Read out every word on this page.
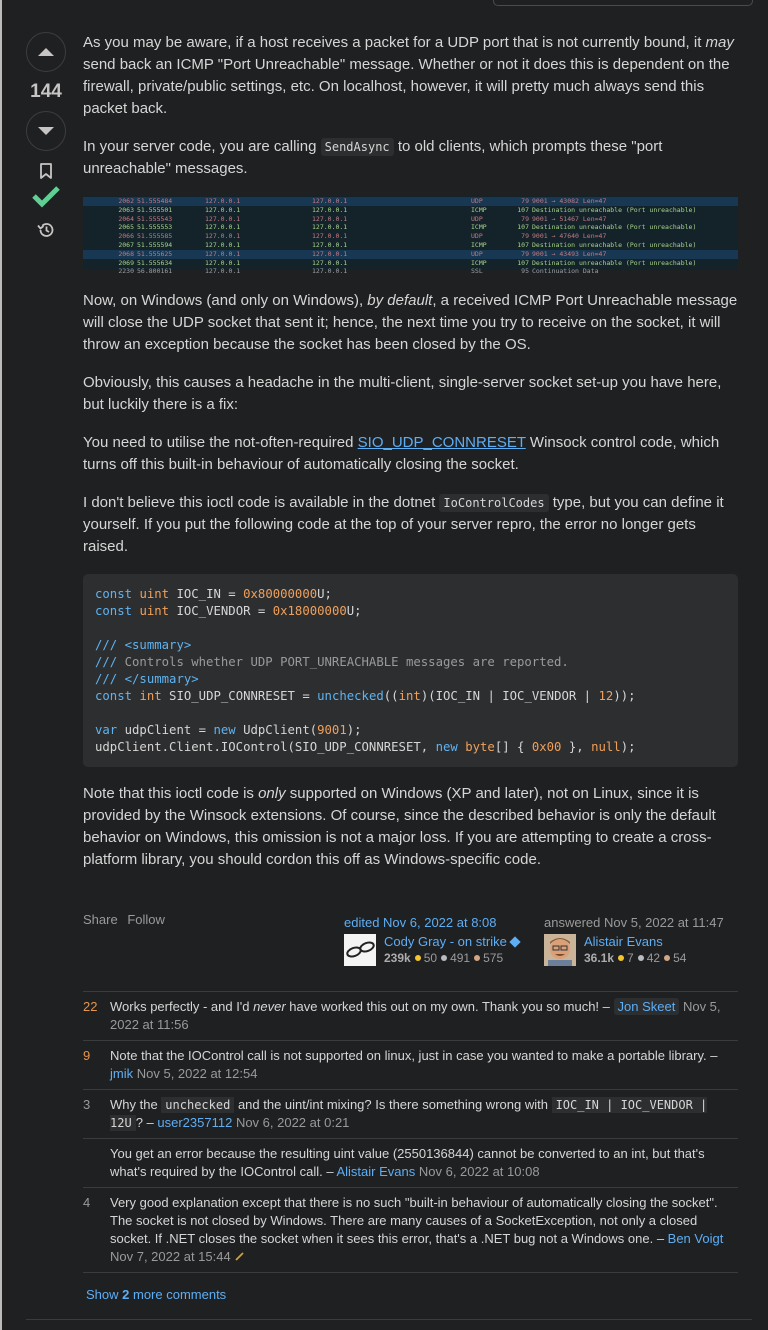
144

As you may be aware, if a host receives a packet for a UDP port that is not currently bound, it may send back an ICMP "Port Unreachable" message. Whether or not it does this is dependent on the firewall, private/public settings, etc. On localhost, however, it will pretty much always send this packet back.

In your server code, you are calling SendAsync to old clients, which prompts these "port unreachable" messages.

2062 51.555484	127.0.0.1	127.0.0.1	UDP	79 9001 → 43082 Len=47
2063 51.555501	127.0.0.1	127.0.0.1	ICMP	107 Destination unreachable (Port unreachable)
2064 51.555543	127.0.0.1	127.0.0.1	UDP	79 9001 → 51467 Len=47
2065 51.555553	127.0.0.1	127.0.0.1	ICMP	107 Destination unreachable (Port unreachable)
2066 51.555585	127.0.0.1	127.0.0.1	UDP	79 9001 → 47640 Len=47
2067 51.555594	127.0.0.1	127.0.0.1	ICMP	107 Destination unreachable (Port unreachable)
2068 51.555625	127.0.0.1	127.0.0.1	UDP	79 9001 → 43493 Len=47
2069 51.555634	127.0.0.1	127.0.0.1	ICMP	107 Destination unreachable (Port unreachable)
2230 56.800161	127.0.0.1	127.0.0.1	SSL	95 Continuation Data

Now, on Windows (and only on Windows), by default, a received ICMP Port Unreachable message will close the UDP socket that sent it; hence, the next time you try to receive on the socket, it will throw an exception because the socket has been closed by the OS.

Obviously, this causes a headache in the multi-client, single-server socket set-up you have here, but luckily there is a fix:

You need to utilise the not-often-required SIO_UDP_CONNRESET Winsock control code, which turns off this built-in behaviour of automatically closing the socket.

I don't believe this ioctl code is available in the dotnet IoControlCodes type, but you can define it yourself. If you put the following code at the top of your server repro, the error no longer gets raised.

const uint IOC_IN = 0x80000000U;
const uint IOC_VENDOR = 0x18000000U;

/// <summary>
/// Controls whether UDP PORT_UNREACHABLE messages are reported.
/// </summary>
const int SIO_UDP_CONNRESET = unchecked((int)(IOC_IN | IOC_VENDOR | 12));

var udpClient = new UdpClient(9001);
udpClient.Client.IOControl(SIO_UDP_CONNRESET, new byte[] { 0x00 }, null);

Note that this ioctl code is only supported on Windows (XP and later), not on Linux, since it is provided by the Winsock extensions. Of course, since the described behavior is only the default behavior on Windows, this omission is not a major loss. If you are attempting to create a cross-platform library, you should cordon this off as Windows-specific code.

Share Follow	edited Nov 6, 2022 at 8:08
Cody Gray - on strike
239k 50 491 575
answered Nov 5, 2022 at 11:47
Alistair Evans
36.1k 7 42 54
22 Works perfectly - and I'd never have worked this out on my own. Thank you so much! – Jon Skeet Nov 5, 2022 at 11:56
9	Note that the IOControl call is not supported on linux, just in case you wanted to make a portable library. – jmik Nov 5, 2022 at 12:54
3	Why the unchecked and the uint/int mixing? Is there something wrong with IOC_IN | IOC_VENDOR | 12U ? – user2357112 Nov 6, 2022 at 0:21
You get an error because the resulting uint value (2550136844) cannot be converted to an int, but that's what's required by the IOControl call. – Alistair Evans Nov 6, 2022 at 10:08
4	Very good explanation except that there is no such "built-in behaviour of automatically closing the socket". The socket is not closed by Windows. There are many causes of a SocketException, not only a closed socket. If .NET closes the socket when it sees this error, that's a .NET bug not a Windows one. – Ben Voigt Nov 7, 2022 at 15:44
Show 2 more comments
